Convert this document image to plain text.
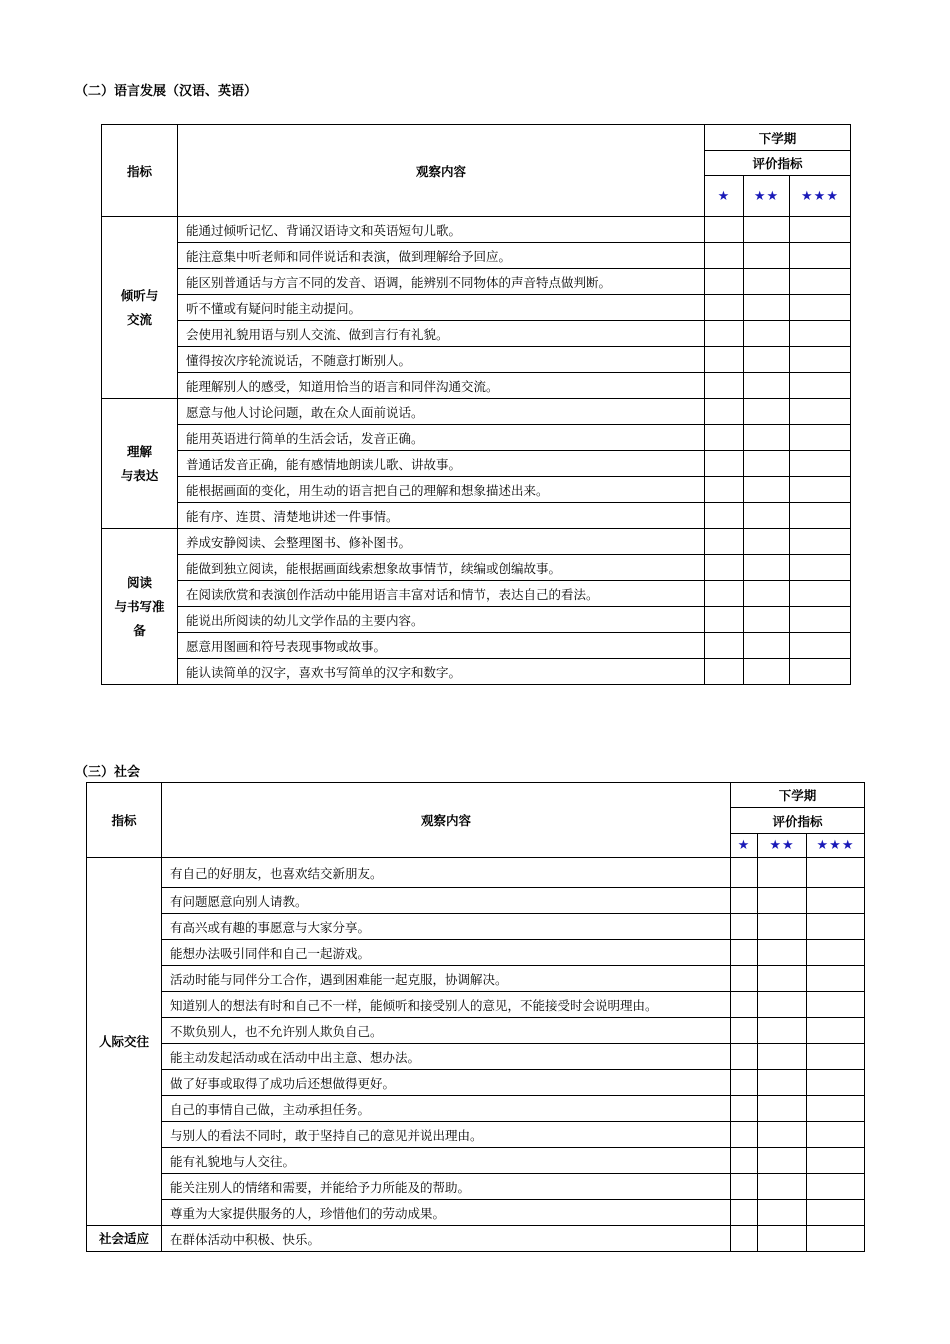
（二）语言发展（汉语、英语）
指标	观察内容	下学期		
		评价指标		
		★	★★	★★★

倾听与
交流	能通过倾听记忆、背诵汉语诗文和英语短句儿歌。			
	能注意集中听老师和同伴说话和表演，做到理解给予回应。			
	能区别普通话与方言不同的发音、语调，能辨别不同物体的声音特点做判断。			
	听不懂或有疑问时能主动提问。			
	会使用礼貌用语与别人交流、做到言行有礼貌。			
	懂得按次序轮流说话，不随意打断别人。			
	能理解别人的感受，知道用恰当的语言和同伴沟通交流。			

理解
与表达	愿意与他人讨论问题，敢在众人面前说话。			
	能用英语进行简单的生活会话，发音正确。			
	普通话发音正确，能有感情地朗读儿歌、讲故事。			
	能根据画面的变化，用生动的语言把自己的理解和想象描述出来。			
	能有序、连贯、清楚地讲述一件事情。			

阅读
与书写准
备	养成安静阅读、会整理图书、修补图书。			
	能做到独立阅读，能根据画面线索想象故事情节，续编或创编故事。			
	在阅读欣赏和表演创作活动中能用语言丰富对话和情节，表达自己的看法。			
	能说出所阅读的幼儿文学作品的主要内容。			
	愿意用图画和符号表现事物或故事。			
	能认读简单的汉字，喜欢书写简单的汉字和数字。			
（三）社会
指标	观察内容	下学期		
		评价指标		
		★	★★	★★★

人际交往	有自己的好朋友，也喜欢结交新朋友。			
	有问题愿意向别人请教。			
	有高兴或有趣的事愿意与大家分享。			
	能想办法吸引同伴和自己一起游戏。			
	活动时能与同伴分工合作，遇到困难能一起克服，协调解决。			
	知道别人的想法有时和自己不一样，能倾听和接受别人的意见，不能接受时会说明理由。			
	不欺负别人，也不允许别人欺负自己。			
	能主动发起活动或在活动中出主意、想办法。			
	做了好事或取得了成功后还想做得更好。			
	自己的事情自己做，主动承担任务。			
	与别人的看法不同时，敢于坚持自己的意见并说出理由。			
	能有礼貌地与人交往。			
	能关注别人的情绪和需要，并能给予力所能及的帮助。			
	尊重为大家提供服务的人，珍惜他们的劳动成果。			

社会适应	在群体活动中积极、快乐。			
